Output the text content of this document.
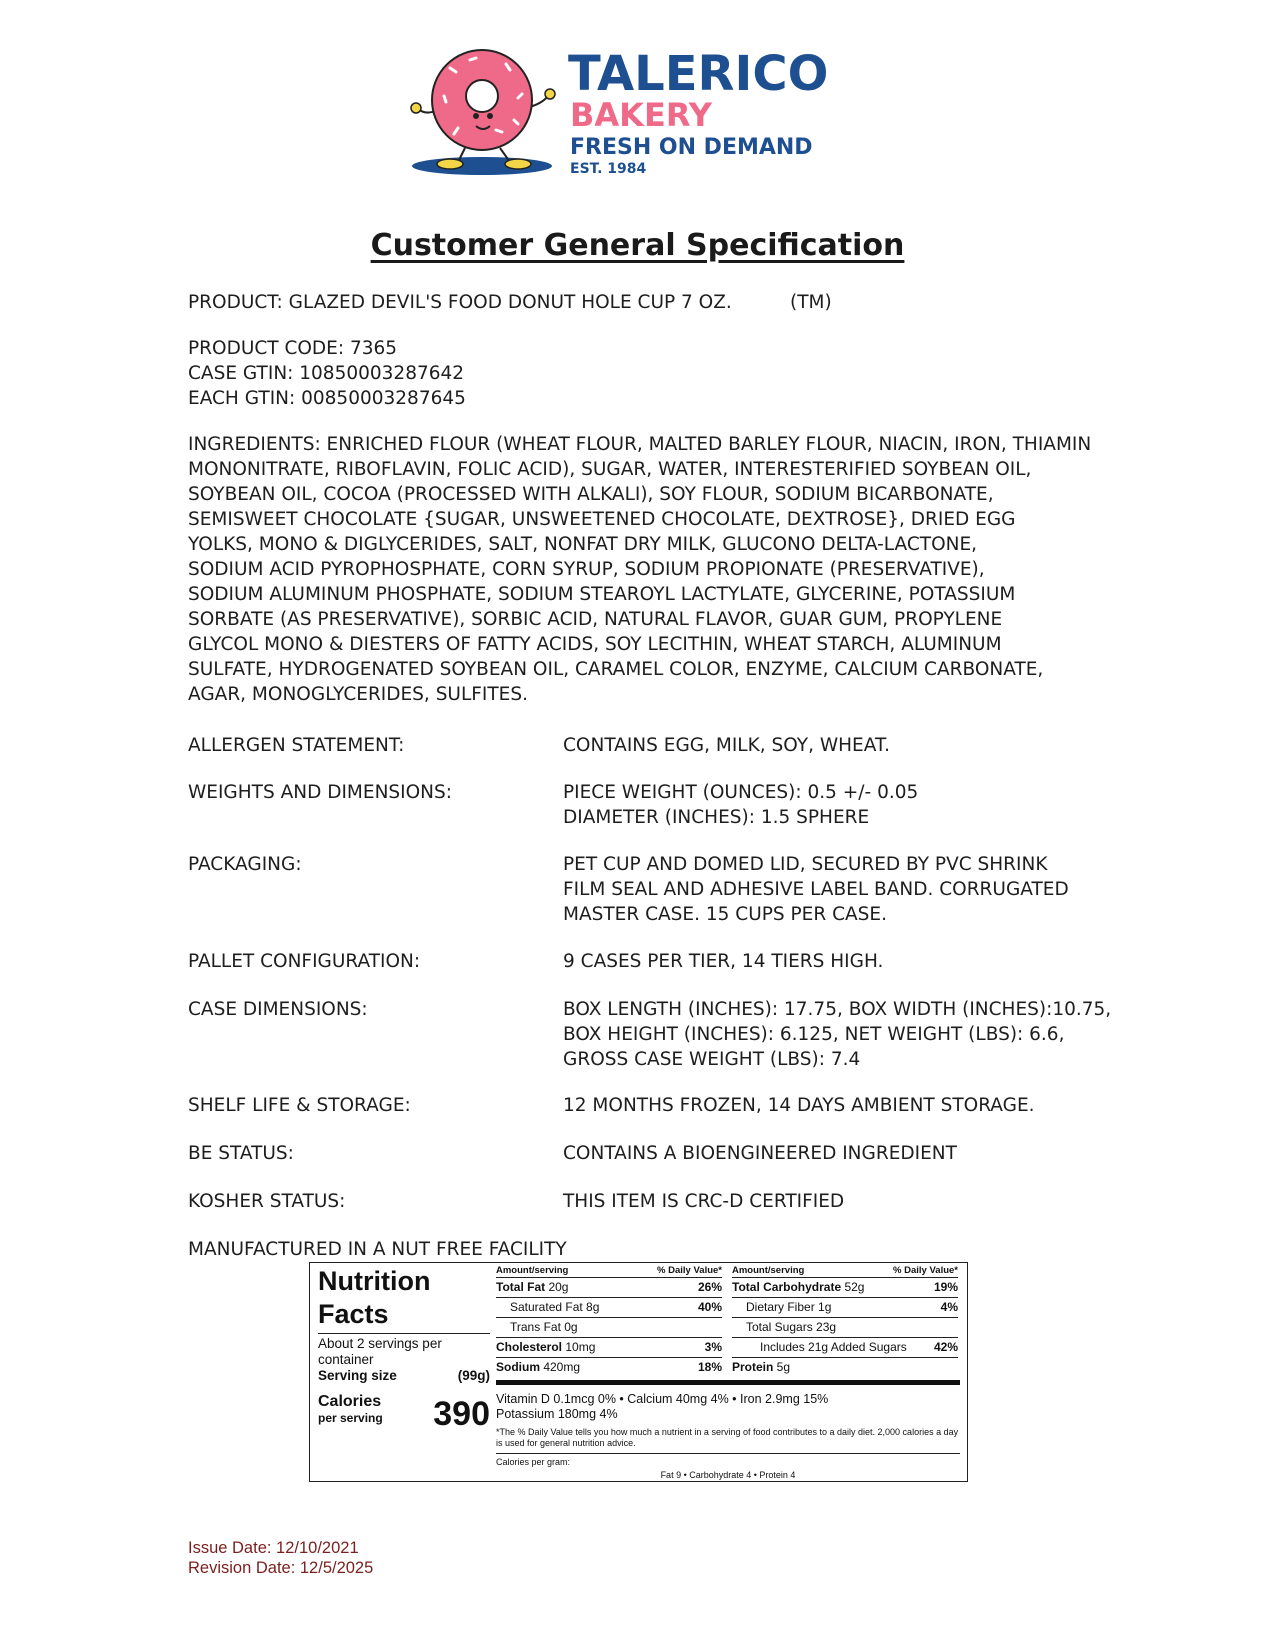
TALERICO
BAKERY
FRESH ON DEMAND
EST. 1984
Customer General Specification
PRODUCT: GLAZED DEVIL'S FOOD DONUT HOLE CUP 7 OZ.	(TM)
PRODUCT CODE: 7365
CASE GTIN: 10850003287642
EACH GTIN: 00850003287645
INGREDIENTS: ENRICHED FLOUR (WHEAT FLOUR, MALTED BARLEY FLOUR, NIACIN, IRON, THIAMIN
MONONITRATE, RIBOFLAVIN, FOLIC ACID), SUGAR, WATER, INTERESTERIFIED SOYBEAN OIL,
SOYBEAN OIL, COCOA (PROCESSED WITH ALKALI), SOY FLOUR, SODIUM BICARBONATE,
SEMISWEET CHOCOLATE {SUGAR, UNSWEETENED CHOCOLATE, DEXTROSE}, DRIED EGG
YOLKS, MONO & DIGLYCERIDES, SALT, NONFAT DRY MILK, GLUCONO DELTA-LACTONE,
SODIUM ACID PYROPHOSPHATE, CORN SYRUP, SODIUM PROPIONATE (PRESERVATIVE),
SODIUM ALUMINUM PHOSPHATE, SODIUM STEAROYL LACTYLATE, GLYCERINE, POTASSIUM
SORBATE (AS PRESERVATIVE), SORBIC ACID, NATURAL FLAVOR, GUAR GUM, PROPYLENE
GLYCOL MONO & DIESTERS OF FATTY ACIDS, SOY LECITHIN, WHEAT STARCH, ALUMINUM
SULFATE, HYDROGENATED SOYBEAN OIL, CARAMEL COLOR, ENZYME, CALCIUM CARBONATE,
AGAR, MONOGLYCERIDES, SULFITES.
ALLERGEN STATEMENT:	CONTAINS EGG, MILK, SOY, WHEAT.
WEIGHTS AND DIMENSIONS:	PIECE WEIGHT (OUNCES): 0.5 +/- 0.05
DIAMETER (INCHES): 1.5 SPHERE
PACKAGING:	PET CUP AND DOMED LID, SECURED BY PVC SHRINK
FILM SEAL AND ADHESIVE LABEL BAND. CORRUGATED
MASTER CASE. 15 CUPS PER CASE.
PALLET CONFIGURATION:	9 CASES PER TIER, 14 TIERS HIGH.
CASE DIMENSIONS:	BOX LENGTH (INCHES): 17.75, BOX WIDTH (INCHES):10.75,
BOX HEIGHT (INCHES): 6.125, NET WEIGHT (LBS): 6.6,
GROSS CASE WEIGHT (LBS): 7.4
SHELF LIFE & STORAGE:	12 MONTHS FROZEN, 14 DAYS AMBIENT STORAGE.
BE STATUS:	CONTAINS A BIOENGINEERED INGREDIENT
KOSHER STATUS:	THIS ITEM IS CRC-D CERTIFIED
MANUFACTURED IN A NUT FREE FACILITY
Nutrition
Facts
About 2 servings per container
Serving size	(99g)
Calories
per serving	390
Amount/serving	% Daily Value*
Total Fat 20g	26%
Saturated Fat 8g	40%
Trans Fat 0g
Cholesterol 10mg	3%
Sodium 420mg	18%
Amount/serving	% Daily Value*
Total Carbohydrate 52g	19%
Dietary Fiber 1g	4%
Total Sugars 23g
Includes 21g Added Sugars 42%
Protein 5g
Vitamin D 0.1mcg 0% • Calcium 40mg 4% • Iron 2.9mg 15%
Potassium 180mg 4%
*The % Daily Value tells you how much a nutrient in a serving of food contributes to a daily diet. 2,000 calories a day is used for general nutrition advice.
Calories per gram:
Fat 9 • Carbohydrate 4 • Protein 4
Issue Date: 12/10/2021
Revision Date: 12/5/2025
